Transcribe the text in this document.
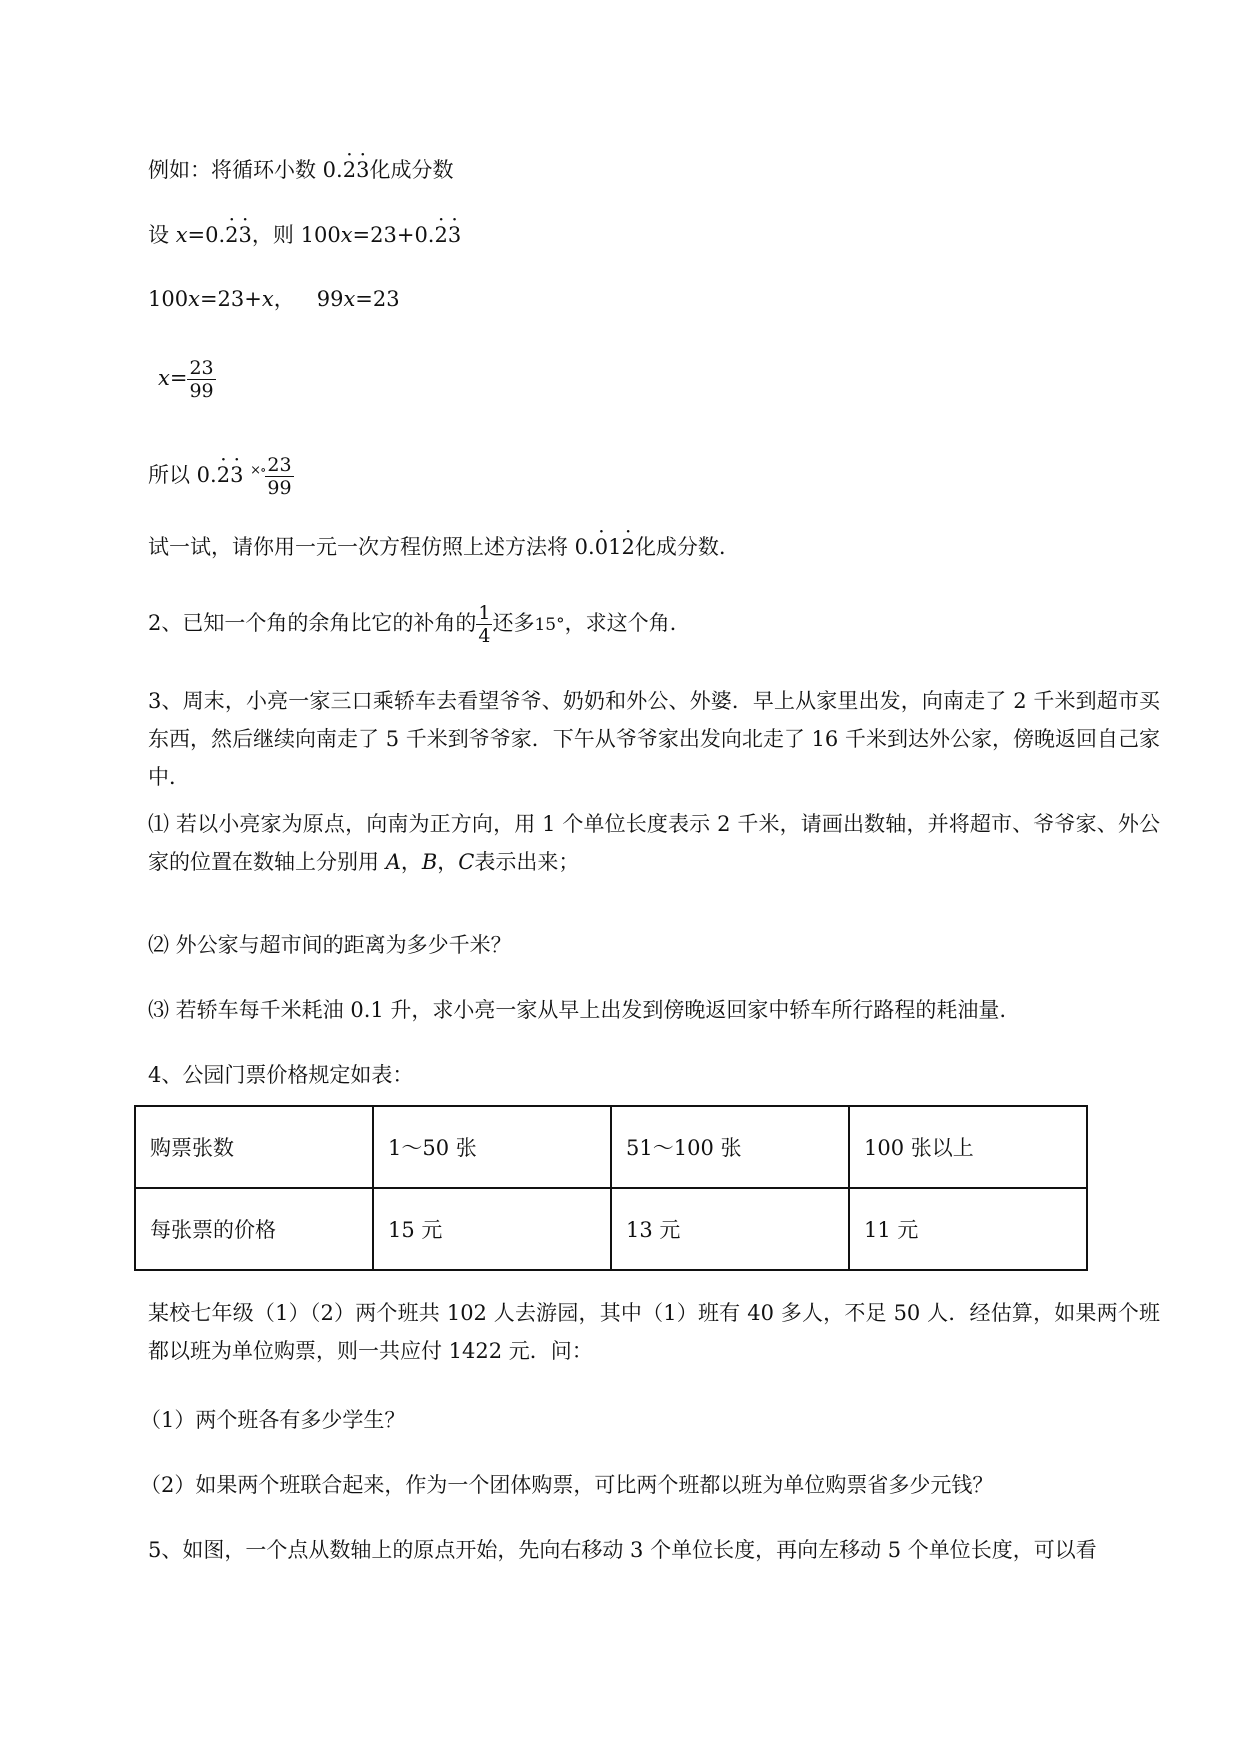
例如：将循环小数 0.· 2· 3化成分数
设 x=0.· 2· 3，则 100x=23+0.· 2· 3
100x=23+x， 99x=23
$x= \frac{23}{99}$
所以 0.· 2· 3 $^{\times\circ} \frac{23}{99}$
试一试，请你用一元一次方程仿照上述方法将 0.· 01· 2化成分数.
2、已知一个角的余角比它的补角的 $\frac{1}{4}$ 还多15°，求这个角.
3、周末，小亮一家三口乘轿车去看望爷爷、奶奶和外公、外婆．早上从家里出发，向南走了 2 千米到超市买东西，然后继续向南走了 5 千米到爷爷家．下午从爷爷家出发向北走了 16 千米到达外公家，傍晚返回自己家中．
⑴ 若以小亮家为原点，向南为正方向，用 1 个单位长度表示 2 千米，请画出数轴，并将超市、爷爷家、外公家的位置在数轴上分别用 A，B，C表示出来；
⑵ 外公家与超市间的距离为多少千米？
⑶ 若轿车每千米耗油 0.1 升，求小亮一家从早上出发到傍晚返回家中轿车所行路程的耗油量.
4、公园门票价格规定如表：
购票张数	1～50 张	51～100 张	100 张以上
每张票的价格	15 元	13 元	11 元
某校七年级（1）（2）两个班共 102 人去游园，其中（1）班有 40 多人，不足 50 人．经估算，如果两个班都以班为单位购票，则一共应付 1422 元．问：
（1）两个班各有多少学生？
（2）如果两个班联合起来，作为一个团体购票，可比两个班都以班为单位购票省多少元钱？
5、如图，一个点从数轴上的原点开始，先向右移动 3 个单位长度，再向左移动 5 个单位长度，可以看
